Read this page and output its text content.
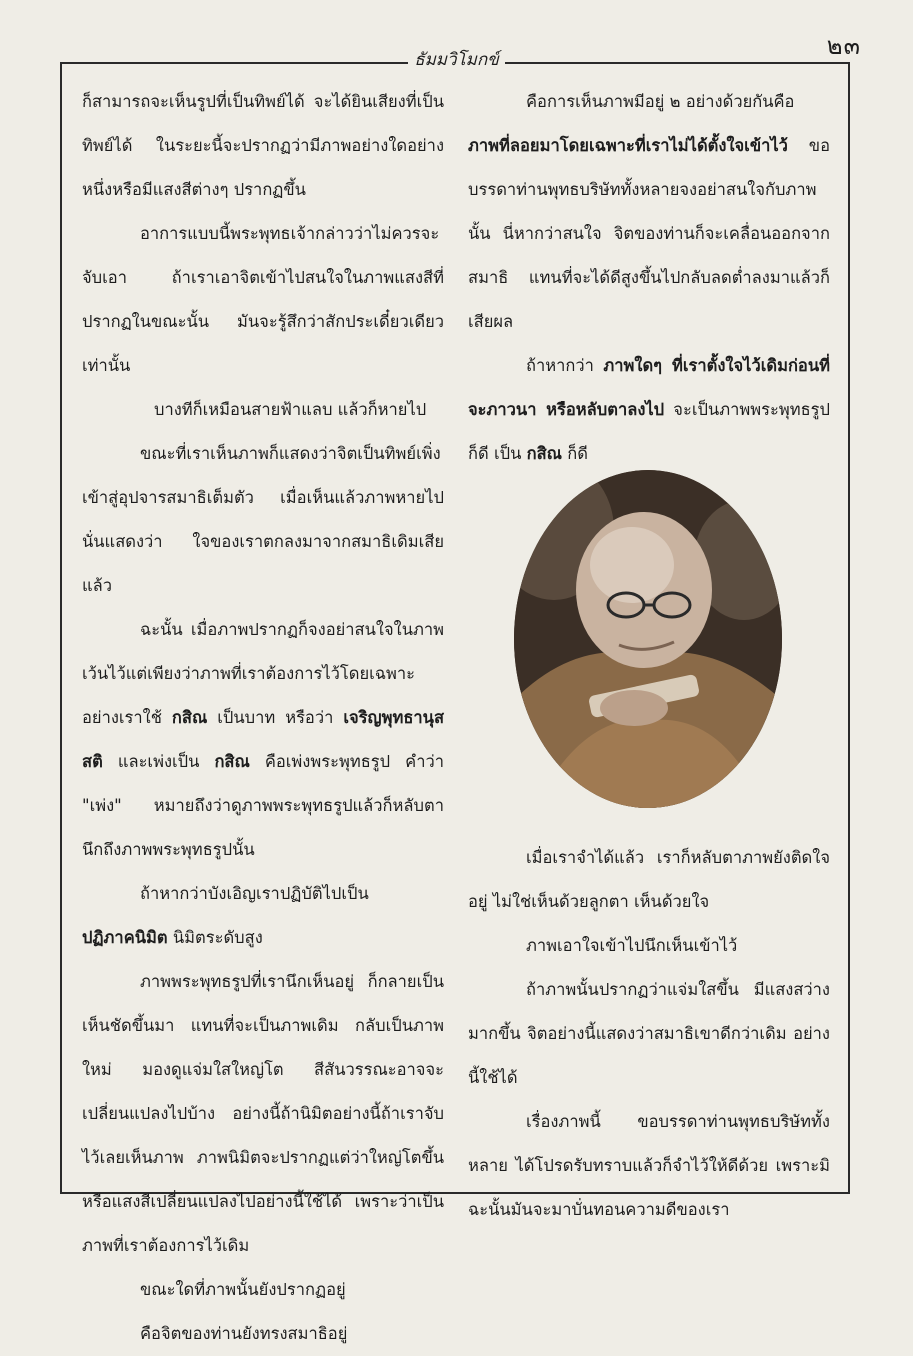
๒๓
ธัมมวิโมกข์

ก็สามารถจะเห็นรูปที่เป็นทิพย์ได้ จะได้ยินเสียงที่เป็นทิพย์ได้ ในระยะนี้จะปรากฏว่ามีภาพอย่างใดอย่างหนึ่งหรือมีแสงสีต่างๆ ปรากฏขึ้น

อาการแบบนี้พระพุทธเจ้ากล่าวว่าไม่ควรจะจับเอา ถ้าเราเอาจิตเข้าไปสนใจในภาพแสงสีที่ปรากฏในขณะนั้น มันจะรู้สึกว่าสักประเดี๋ยวเดียวเท่านั้น

บางทีก็เหมือนสายฟ้าแลบ แล้วก็หายไป

ขณะที่เราเห็นภาพก็แสดงว่าจิตเป็นทิพย์เพิ่งเข้าสู่อุปจารสมาธิเต็มตัว เมื่อเห็นแล้วภาพหายไปนั่นแสดงว่า ใจของเราตกลงมาจากสมาธิเดิมเสียแล้ว

ฉะนั้น เมื่อภาพปรากฏก็จงอย่าสนใจในภาพ เว้นไว้แต่เพียงว่าภาพที่เราต้องการไว้โดยเฉพาะ อย่างเราใช้ กสิณ เป็นบาท หรือว่า เจริญพุทธานุสสติ และเพ่งเป็น กสิณ คือเพ่งพระพุทธรูป คำว่า "เพ่ง" หมายถึงว่าดูภาพพระพุทธรูปแล้วก็หลับตานึกถึงภาพพระพุทธรูปนั้น

ถ้าหากว่าบังเอิญเราปฏิบัติไปเป็น

ปฏิภาคนิมิต นิมิตระดับสูง

ภาพพระพุทธรูปที่เรานึกเห็นอยู่ ก็กลายเป็นเห็นชัดขึ้นมา แทนที่จะเป็นภาพเดิม กลับเป็นภาพใหม่ มองดูแจ่มใสใหญ่โต สีสันวรรณะอาจจะเปลี่ยนแปลงไปบ้าง อย่างนี้ถ้านิมิตอย่างนี้ถ้าเราจับไว้เลยเห็นภาพ ภาพนิมิตจะปรากฏแต่ว่าใหญ่โตขึ้น หรือแสงสีเปลี่ยนแปลงไปอย่างนี้ใช้ได้ เพราะว่าเป็นภาพที่เราต้องการไว้เดิม

ขณะใดที่ภาพนั้นยังปรากฏอยู่

คือจิตของท่านยังทรงสมาธิอยู่

คือการเห็นภาพมีอยู่ ๒ อย่างด้วยกันคือ

ภาพที่ลอยมาโดยเฉพาะที่เราไม่ได้ตั้งใจเข้าไว้ ขอบรรดาท่านพุทธบริษัททั้งหลายจงอย่าสนใจกับภาพนั้น นี่หากว่าสนใจ จิตของท่านก็จะเคลื่อนออกจากสมาธิ แทนที่จะได้ดีสูงขึ้นไปกลับลดต่ำลงมาแล้วก็เสียผล

ถ้าหากว่า ภาพใดๆ ที่เราตั้งใจไว้เดิมก่อนที่จะภาวนา หรือหลับตาลงไป จะเป็นภาพพระพุทธรูปก็ดี เป็น กสิณ ก็ดี

เมื่อเราจำได้แล้ว เราก็หลับตาภาพยังติดใจอยู่ ไม่ใช่เห็นด้วยลูกตา เห็นด้วยใจ

ภาพเอาใจเข้าไปนึกเห็นเข้าไว้

ถ้าภาพนั้นปรากฏว่าแจ่มใสขึ้น มีแสงสว่างมากขึ้น จิตอย่างนี้แสดงว่าสมาธิเขาดีกว่าเดิม อย่างนี้ใช้ได้

เรื่องภาพนี้ ขอบรรดาท่านพุทธบริษัททั้งหลาย ได้โปรดรับทราบแล้วก็จำไว้ให้ดีด้วย เพราะมิฉะนั้นมันจะมาบั่นทอนความดีของเรา
